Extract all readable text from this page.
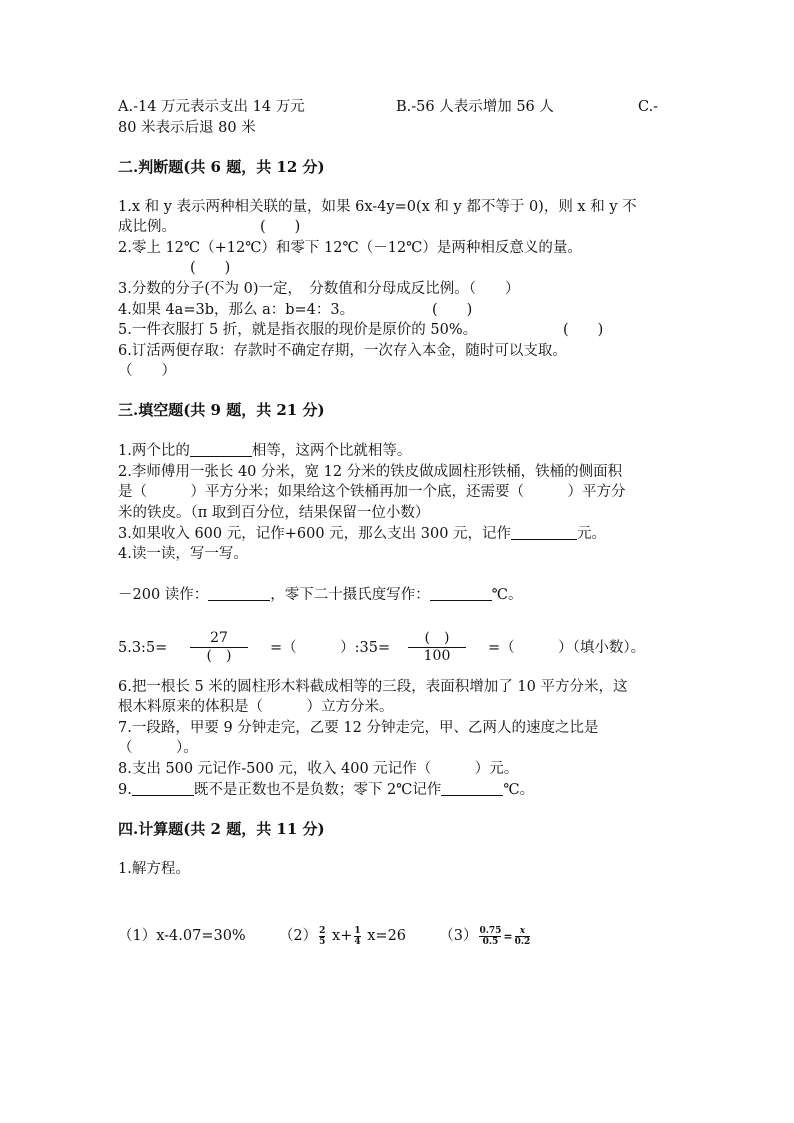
A.-14 万元表示支出 14 万元	B.-56 人表示增加 56 人	C.-
80 米表示后退 80 米
二.判断题(共 6 题，共 12 分)
1.x 和 y 表示两种相关联的量，如果 6x-4y=0(x 和 y 都不等于 0)，则 x 和 y 不
成比例。	(　　)
2.零上 12℃（+12℃）和零下 12℃（－12℃）是两种相反意义的量。
(　　)
3.分数的分子(不为 0)一定，　分数值和分母成反比例。（　　）
4.如果 4a=3b，那么 a：b=4：3。	(　　)
5.一件衣服打 5 折，就是指衣服的现价是原价的 50%。	(　　)
6.订活两便存取：存款时不确定存期，一次存入本金，随时可以支取。
（　　）
三.填空题(共 9 题，共 21 分)
1.两个比的	相等，这两个比就相等。
2.李师傅用一张长 40 分米，宽 12 分米的铁皮做成圆柱形铁桶，铁桶的侧面积
是（　　　）平方分米；如果给这个铁桶再加一个底，还需要（　　　）平方分
米的铁皮。（π 取到百分位，结果保留一位小数）
3.如果收入 600 元，记作+600 元，那么支出 300 元，记作	元。
4.读一读，写一写。
－200 读作：	，零下二十摄氏度写作：	℃。
5.3:5=
27
(　)	=（　　　）:35=
(　)
100	=（　　　）（填小数）。
6.把一根长 5 米的圆柱形木料截成相等的三段，表面积增加了 10 平方分米，这
根木料原来的体积是（　　　）立方分米。
7.一段路，甲要 9 分钟走完，乙要 12 分钟走完，甲、乙两人的速度之比是
（　　　）。
8.支出 500 元记作-500 元，收入 400 元记作（　　　）元。
9.	既不是正数也不是负数；零下 2℃记作	℃。
四.计算题(共 2 题，共 11 分)
1.解方程。
（1）x-4.07=30% $(2) \frac{2}{5} x+ \frac{1}{4} x=26$ $(3) \frac{0.75}{0.5} = \frac{x}{0.2}$
